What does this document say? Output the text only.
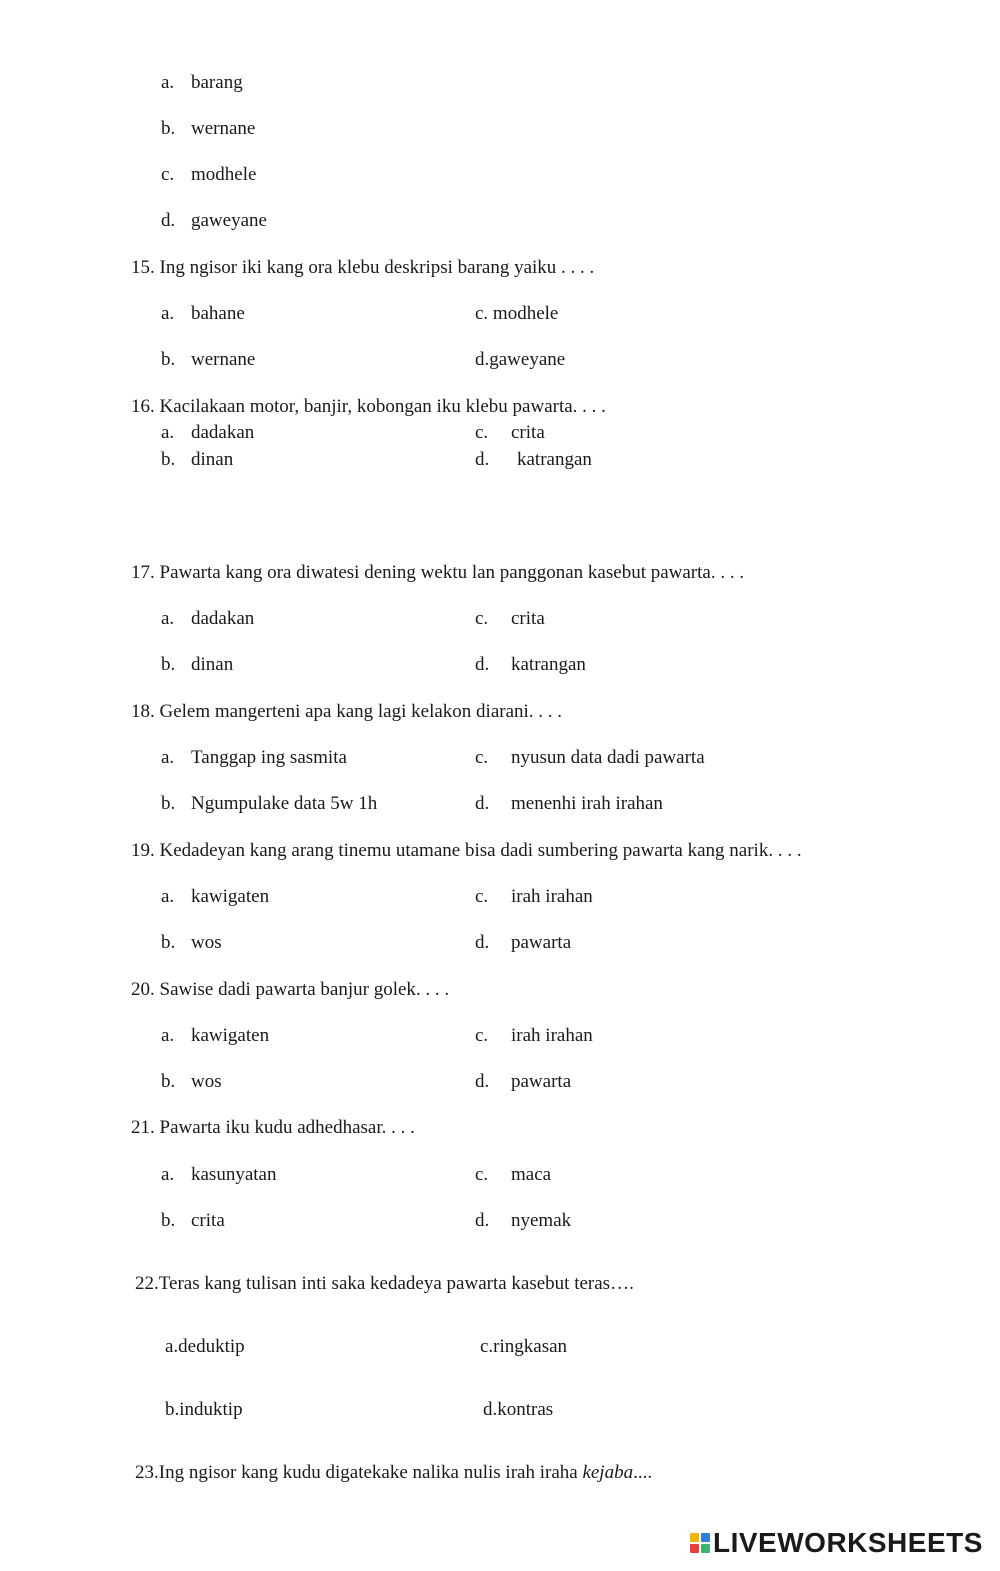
a. barang
b. wernane
c. modhele
d. gaweyane
15. Ing ngisor iki kang ora klebu deskripsi barang yaiku . . . .
a. bahane	c. modhele
b. wernane	d.gaweyane
16. Kacilakaan motor, banjir, kobongan iku klebu pawarta. . . .
a. dadakan	c. crita
b. dinan	d. katrangan
17. Pawarta kang ora diwatesi dening wektu lan panggonan kasebut pawarta. . . .
a. dadakan	c. crita
b. dinan	d. katrangan
18. Gelem mangerteni apa kang lagi kelakon diarani. . . .
a. Tanggap ing sasmita	c. nyusun data dadi pawarta
b. Ngumpulake data 5w 1h	d. menenhi irah irahan
19. Kedadeyan kang arang tinemu utamane bisa dadi sumbering pawarta kang narik. . . .
a. kawigaten	c. irah irahan
b. wos	d. pawarta
20. Sawise dadi pawarta banjur golek. . . .
a. kawigaten	c. irah irahan
b. wos	d. pawarta
21. Pawarta iku kudu adhedhasar. . . .
a. kasunyatan	c. maca
b. crita	d. nyemak
22.Teras kang tulisan inti saka kedadeya pawarta kasebut teras….
a.deduktip	c.ringkasan
b.induktip	d.kontras
23.Ing ngisor kang kudu digatekake nalika nulis irah iraha kejaba....
LIVEWORKSHEETS
